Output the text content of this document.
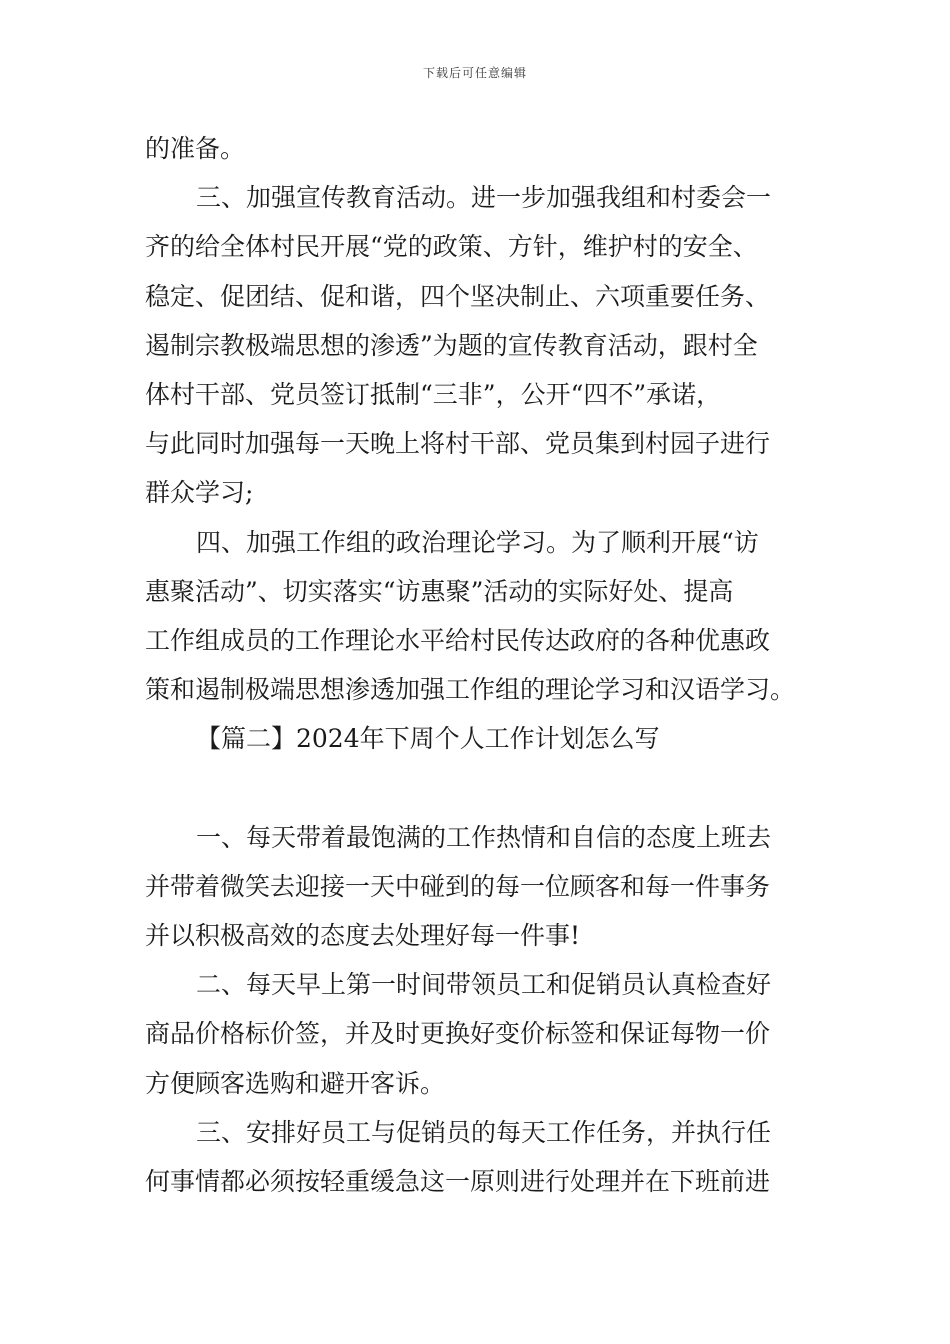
下载后可任意编辑
的准备。
三、加强宣传教育活动。进一步加强我组和村委会一
齐的给全体村民开展“党的政策、方针，维护村的安全、
稳定、促团结、促和谐，四个坚决制止、六项重要任务、
遏制宗教极端思想的渗透”为题的宣传教育活动，跟村全
体村干部、党员签订抵制“三非”，公开“四不”承诺，
与此同时加强每一天晚上将村干部、党员集到村园子进行
群众学习;
四、加强工作组的政治理论学习。为了顺利开展“访
惠聚活动”、切实落实“访惠聚”活动的实际好处、提高
工作组成员的工作理论水平给村民传达政府的各种优惠政
策和遏制极端思想渗透加强工作组的理论学习和汉语学习。
【篇二】2024年下周个人工作计划怎么写
一、每天带着最饱满的工作热情和自信的态度上班去
并带着微笑去迎接一天中碰到的每一位顾客和每一件事务
并以积极高效的态度去处理好每一件事!
二、每天早上第一时间带领员工和促销员认真检查好
商品价格标价签，并及时更换好变价标签和保证每物一价
方便顾客选购和避开客诉。
三、安排好员工与促销员的每天工作任务，并执行任
何事情都必须按轻重缓急这一原则进行处理并在下班前进
